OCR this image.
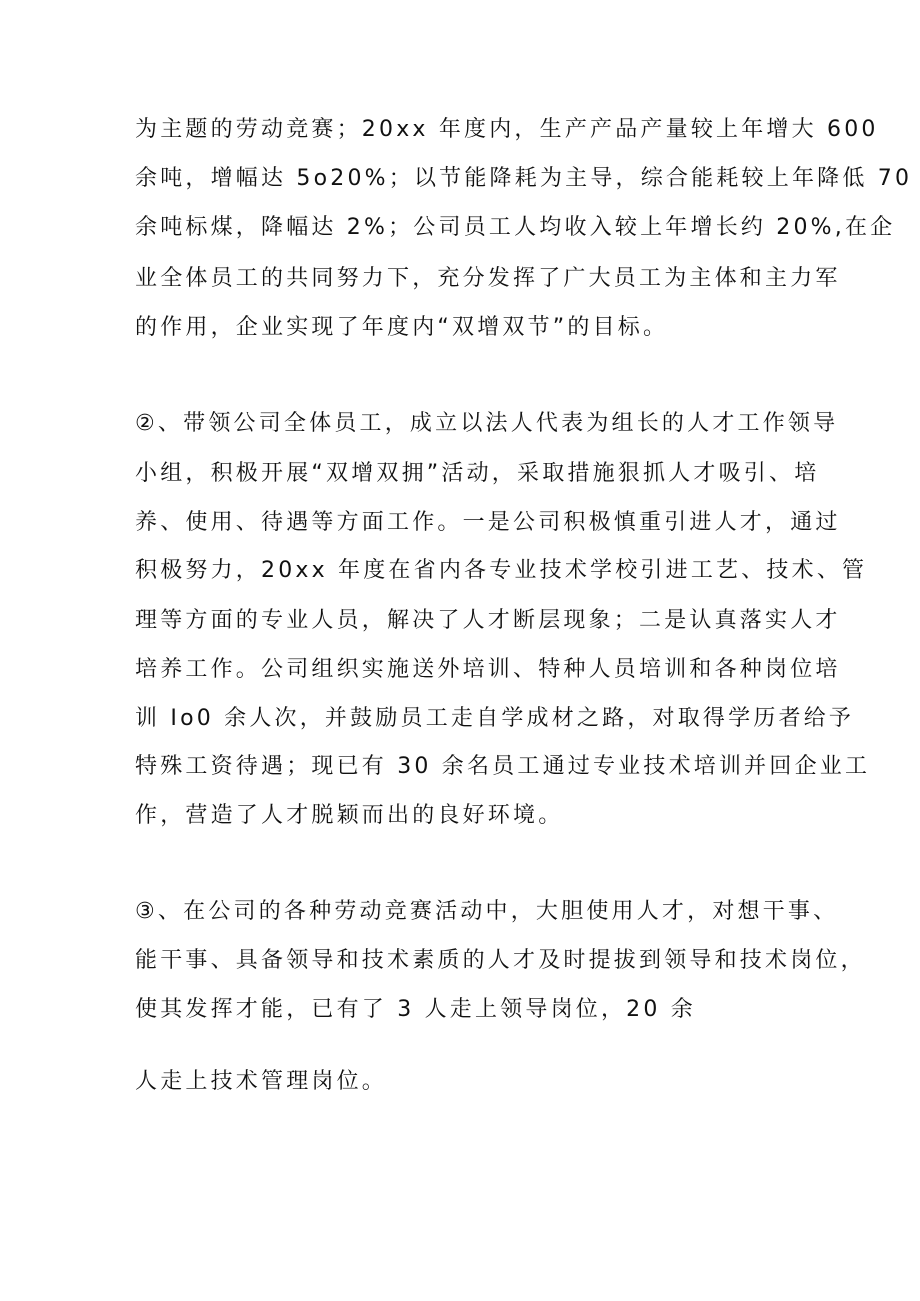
为主题的劳动竞赛；20xx 年度内，生产产品产量较上年增大 600
余吨，增幅达 5o20%；以节能降耗为主导，综合能耗较上年降低 70
余吨标煤，降幅达 2%；公司员工人均收入较上年增长约 20%,在企
业全体员工的共同努力下，充分发挥了广大员工为主体和主力军
的作用，企业实现了年度内“双增双节”的目标。
②、带领公司全体员工，成立以法人代表为组长的人才工作领导
小组，积极开展“双增双拥”活动，采取措施狠抓人才吸引、培
养、使用、待遇等方面工作。一是公司积极慎重引进人才，通过
积极努力，20xx 年度在省内各专业技术学校引进工艺、技术、管
理等方面的专业人员，解决了人才断层现象；二是认真落实人才
培养工作。公司组织实施送外培训、特种人员培训和各种岗位培
训 Io0 余人次，并鼓励员工走自学成材之路，对取得学历者给予
特殊工资待遇；现已有 30 余名员工通过专业技术培训并回企业工
作，营造了人才脱颖而出的良好环境。
③、在公司的各种劳动竞赛活动中，大胆使用人才，对想干事、
能干事、具备领导和技术素质的人才及时提拔到领导和技术岗位，
使其发挥才能，已有了 3 人走上领导岗位，20 余
人走上技术管理岗位。
